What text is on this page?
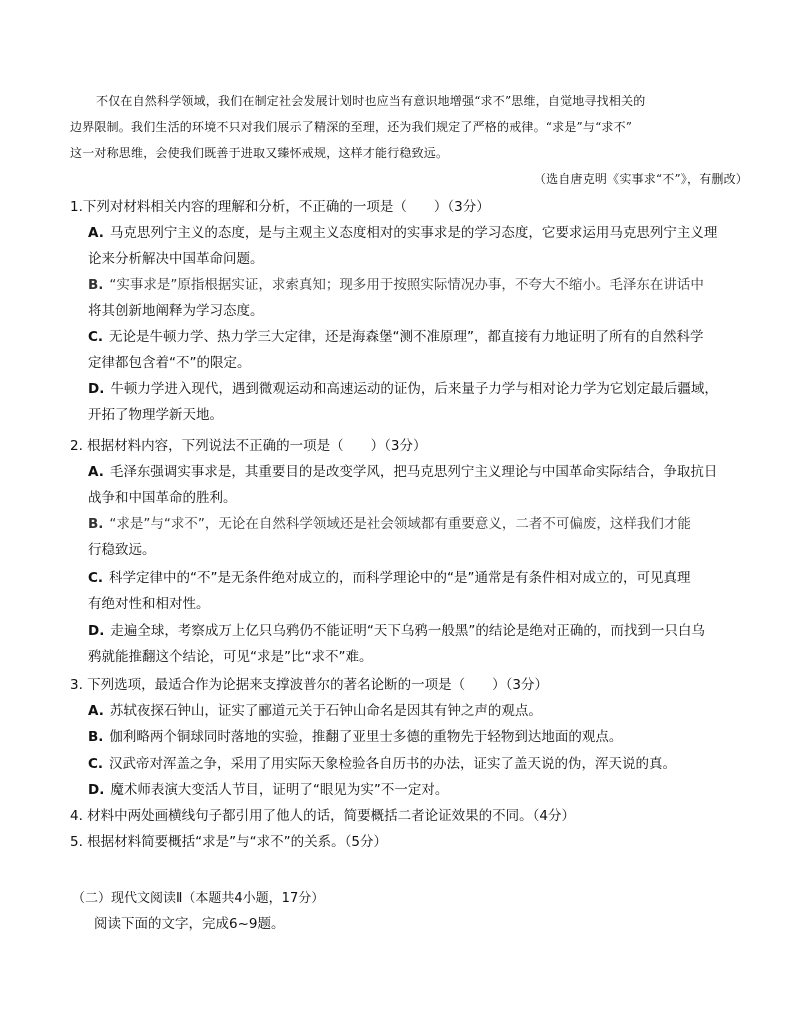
不仅在自然科学领域，我们在制定社会发展计划时也应当有意识地增强“求不”思维，自觉地寻找相关的
边界限制。我们生活的环境不只对我们展示了精深的至理，还为我们规定了严格的戒律。“求是”与“求不”
这一对称思维，会使我们既善于进取又臻怀戒规，这样才能行稳致远。
（选自唐克明《实事求“不”》，有删改）
1.下列对材料相关内容的理解和分析，不正确的一项是（　　）（3分）
A. 马克思列宁主义的态度，是与主观主义态度相对的实事求是的学习态度，它要求运用马克思列宁主义理
论来分析解决中国革命问题。
B. “实事求是”原指根据实证，求索真知；现多用于按照实际情况办事，不夸大不缩小。毛泽东在讲话中
将其创新地阐释为学习态度。
C. 无论是牛顿力学、热力学三大定律，还是海森堡“测不准原理”，都直接有力地证明了所有的自然科学
定律都包含着“不”的限定。
D. 牛顿力学进入现代，遇到微观运动和高速运动的证伪，后来量子力学与相对论力学为它划定最后疆域，
开拓了物理学新天地。
2. 根据材料内容，下列说法不正确的一项是（　　）（3分）
A. 毛泽东强调实事求是，其重要目的是改变学风，把马克思列宁主义理论与中国革命实际结合，争取抗日
战争和中国革命的胜利。
B. “求是”与“求不”，无论在自然科学领域还是社会领域都有重要意义，二者不可偏废，这样我们才能
行稳致远。
C. 科学定律中的“不”是无条件绝对成立的，而科学理论中的“是”通常是有条件相对成立的，可见真理
有绝对性和相对性。
D. 走遍全球，考察成万上亿只乌鸦仍不能证明“天下乌鸦一般黑”的结论是绝对正确的，而找到一只白乌
鸦就能推翻这个结论，可见“求是”比“求不”难。
3. 下列选项，最适合作为论据来支撑波普尔的著名论断的一项是（　　）（3分）
A. 苏轼夜探石钟山，证实了郦道元关于石钟山命名是因其有钟之声的观点。
B. 伽利略两个铜球同时落地的实验，推翻了亚里士多德的重物先于轻物到达地面的观点。
C. 汉武帝对浑盖之争，采用了用实际天象检验各自历书的办法，证实了盖天说的伪，浑天说的真。
D. 魔术师表演大变活人节目，证明了“眼见为实”不一定对。
4. 材料中两处画横线句子都引用了他人的话，简要概括二者论证效果的不同。（4分）
5. 根据材料简要概括“求是”与“求不”的关系。（5分）
（二）现代文阅读Ⅱ（本题共4小题，17分）
阅读下面的文字，完成6~9题。
